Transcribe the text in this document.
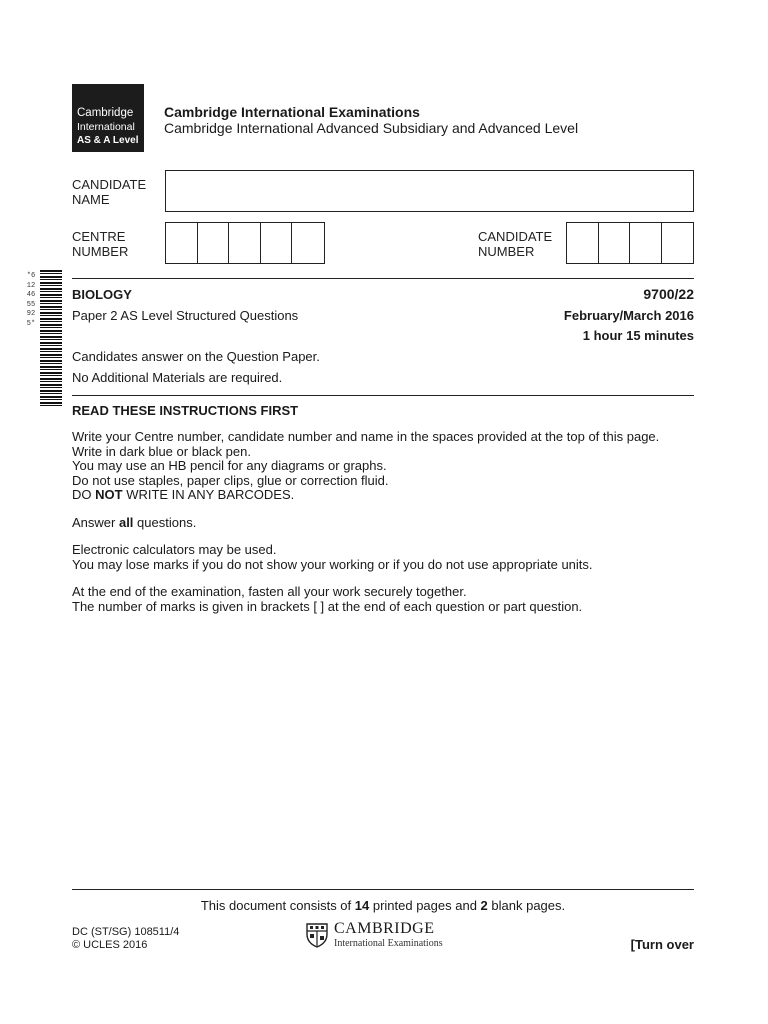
Cambridge
International
AS & A Level
Cambridge International Examinations
Cambridge International Advanced Subsidiary and Advanced Level
CANDIDATE
NAME
CENTRE
NUMBER
CANDIDATE
NUMBER
*6124655925*
BIOLOGY	9700/22
Paper 2 AS Level Structured Questions	February/March 2016
1 hour 15 minutes
Candidates answer on the Question Paper.
No Additional Materials are required.
READ THESE INSTRUCTIONS FIRST

Write your Centre number, candidate number and name in the spaces provided at the top of this page.
Write in dark blue or black pen.
You may use an HB pencil for any diagrams or graphs.
Do not use staples, paper clips, glue or correction fluid.
DO NOT WRITE IN ANY BARCODES.

Answer all questions.

Electronic calculators may be used.
You may lose marks if you do not show your working or if you do not use appropriate units.

At the end of the examination, fasten all your work securely together.
The number of marks is given in brackets [ ] at the end of each question or part question.

This document consists of 14 printed pages and 2 blank pages.
DC (ST/SG) 108511/4
© UCLES 2016
CAMBRIDGE
International Examinations	[Turn over
